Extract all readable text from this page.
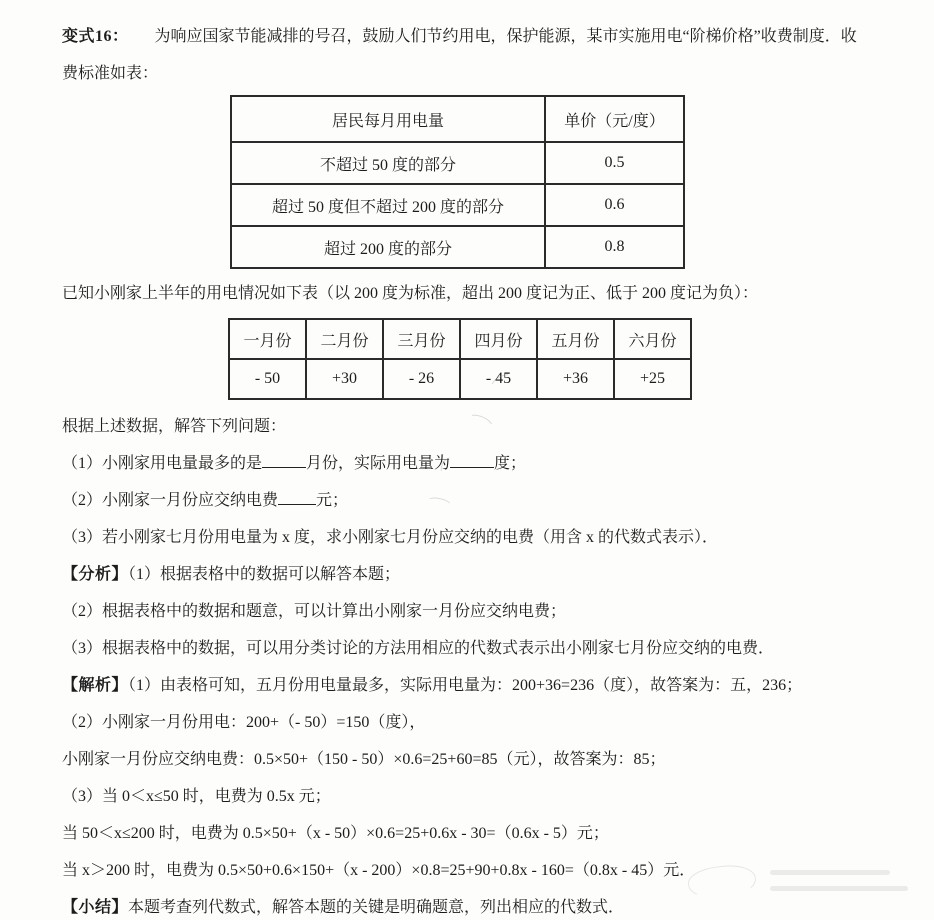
变式16： 为响应国家节能减排的号召，鼓励人们节约用电，保护能源，某市实施用电“阶梯价格”收费制度．收费标准如表：

居民每月用电量	单价（元/度）
不超过 50 度的部分	0.5
超过 50 度但不超过 200 度的部分	0.6
超过 200 度的部分	0.8

已知小刚家上半年的用电情况如下表（以 200 度为标准，超出 200 度记为正、低于 200 度记为负）：

一月份	二月份	三月份	四月份	五月份	六月份
- 50	+30	- 26	- 45	+36	+25

根据上述数据，解答下列问题：

（1）小刚家用电量最多的是	月份，实际用电量为	度；

（2）小刚家一月份应交纳电费 元；

（3）若小刚家七月份用电量为 x 度，求小刚家七月份应交纳的电费（用含 x 的代数式表示）．

【分析】（1）根据表格中的数据可以解答本题；

（2）根据表格中的数据和题意，可以计算出小刚家一月份应交纳电费；

（3）根据表格中的数据，可以用分类讨论的方法用相应的代数式表示出小刚家七月份应交纳的电费．

【解析】（1）由表格可知，五月份用电量最多，实际用电量为：200+36=236（度），故答案为：五，236；

（2）小刚家一月份用电：200+（- 50）=150（度），

小刚家一月份应交纳电费：0.5×50+（150 - 50）×0.6=25+60=85（元），故答案为：85；

（3）当 0＜x≤50 时，电费为 0.5x 元；

当 50＜x≤200 时，电费为 0.5×50+（x - 50）×0.6=25+0.6x - 30=（0.6x - 5）元；

当 x＞200 时，电费为 0.5×50+0.6×150+（x - 200）×0.8=25+90+0.8x - 160=（0.8x - 45）元．

【小结】本题考查列代数式，解答本题的关键是明确题意，列出相应的代数式．
